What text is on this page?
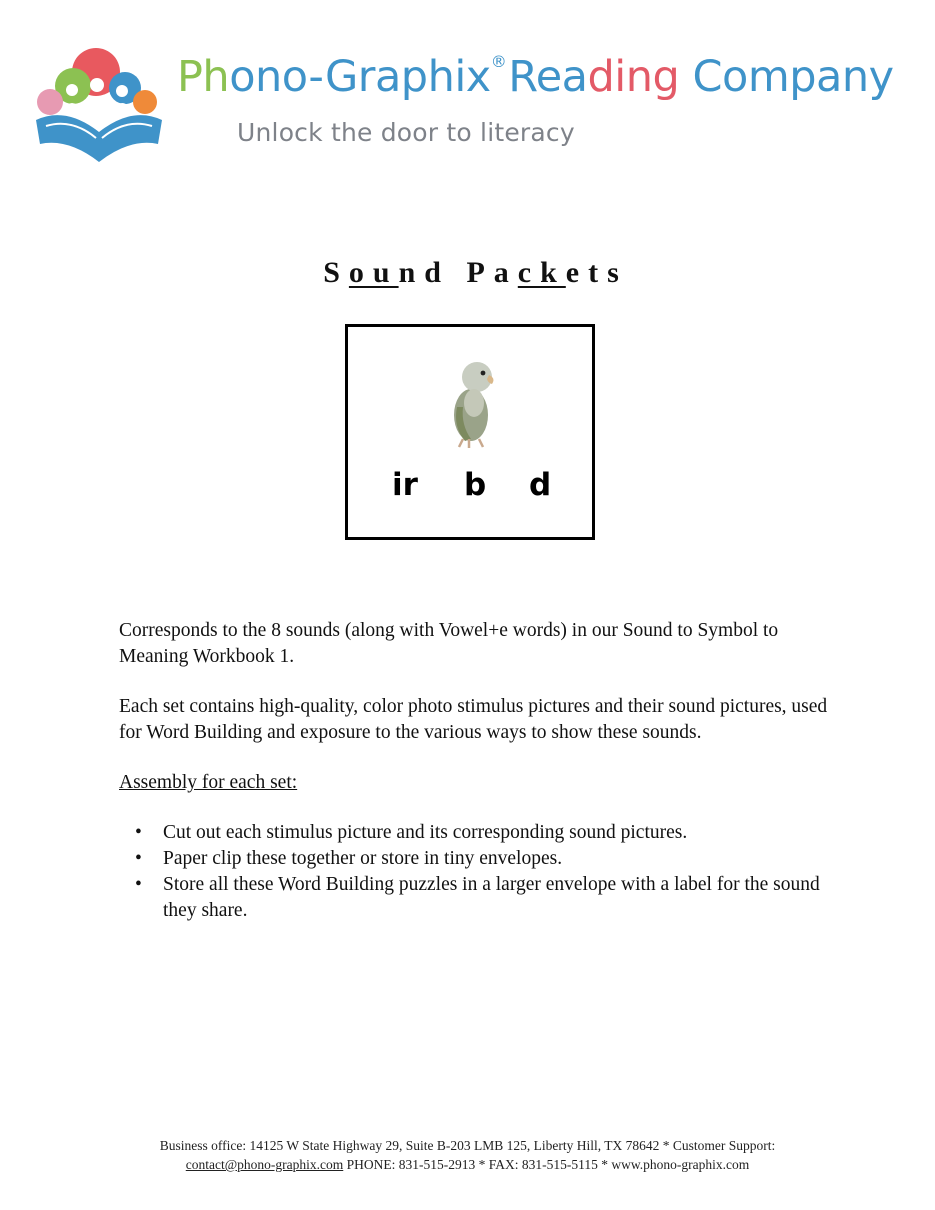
Phono-Graphix®Reading Company
Unlock the door to literacy
Sound Packets
ir b d

Corresponds to the 8 sounds (along with Vowel+e words) in our Sound to Symbol to Meaning Workbook 1.

Each set contains high-quality, color photo stimulus pictures and their sound pictures, used for Word Building and exposure to the various ways to show these sounds.

Assembly for each set:

• Cut out each stimulus picture and its corresponding sound pictures.
• Paper clip these together or store in tiny envelopes.
• Store all these Word Building puzzles in a larger envelope with a label for the sound they share.
Business office: 14125 W State Highway 29, Suite B-203 LMB 125, Liberty Hill, TX 78642 * Customer Support:
contact@phono-graphix.com PHONE: 831-515-2913 * FAX: 831-515-5115 * www.phono-graphix.com
